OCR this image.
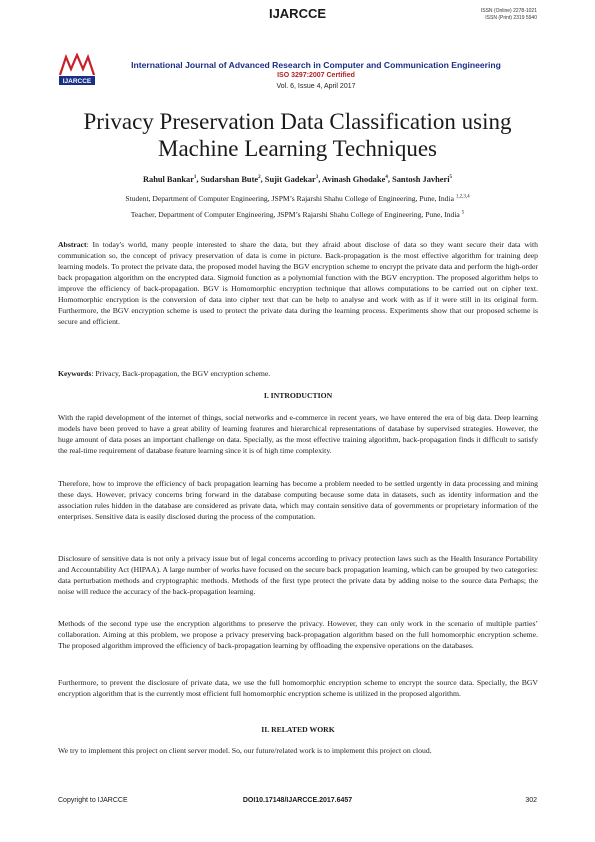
IJARCCE	ISSN (Online) 2278-1021
ISSN (Print) 2319 5940
IJARCCE
International Journal of Advanced Research in Computer and Communication Engineering
ISO 3297:2007 Certified
Vol. 6, Issue 4, April 2017
Privacy Preservation Data Classification using
Machine Learning Techniques
Rahul Bankar$^1$, Sudarshan Bute$^2$, Sujit Gadekar$^3$, Avinash Ghodake$^4$, Santosh Javheri$^5$
Student, Department of Computer Engineering, JSPM’s Rajarshi Shahu College of Engineering, Pune, India $^{1,2,3,4}$
Teacher, Department of Computer Engineering, JSPM’s Rajarshi Shahu College of Engineering, Pune, India $^5$
Abstract: In today's world, many people interested to share the data, but they afraid about disclose of data so they want secure their data with communication so, the concept of privacy preservation of data is come in picture. Back-propagation is the most effective algorithm for training deep learning models. To protect the private data, the proposed model having the BGV encryption scheme to encrypt the private data and perform the high-order back propagation algorithm on the encrypted data. Sigmoid function as a polynomial function with the BGV encryption. The proposed algorithm helps to improve the efficiency of back-propagation. BGV is Homomorphic encryption technique that allows computations to be carried out on cipher text. Homomorphic encryption is the conversion of data into cipher text that can be help to analyse and work with as if it were still in its original form. Furthermore, the BGV encryption scheme is used to protect the private data during the learning process. Experiments show that our proposed scheme is secure and efficient.
Keywords: Privacy, Back-propagation, the BGV encryption scheme.
I. INTRODUCTION
With the rapid development of the internet of things, social networks and e-commerce in recent years, we have entered the era of big data. Deep learning models have been proved to have a great ability of learning features and hierarchical representations of database by supervised strategies. However, the huge amount of data poses an important challenge on data. Specially, as the most effective training algorithm, back-propagation finds it difficult to satisfy the real-time requirement of database feature learning since it is of high time complexity.
Therefore, how to improve the efficiency of back propagation learning has become a problem needed to be settled urgently in data processing and mining these days. However, privacy concerns bring forward in the database computing because some data in datasets, such as identity information and the association rules hidden in the database are considered as private data, which may contain sensitive data of governments or proprietary information of the enterprises. Sensitive data is easily disclosed during the process of the computation.
Disclosure of sensitive data is not only a privacy issue but of legal concerns according to privacy protection laws such as the Health Insurance Portability and Accountability Act (HIPAA). A large number of works have focused on the secure back propagation learning, which can be grouped by two categories: data perturbation methods and cryptographic methods. Methods of the first type protect the private data by adding noise to the source data Perhaps; the noise will reduce the accuracy of the back-propagation learning.
Methods of the second type use the encryption algorithms to preserve the privacy. However, they can only work in the scenario of multiple parties’ collaboration. Aiming at this problem, we propose a privacy preserving back-propagation algorithm based on the full homomorphic encryption scheme. The proposed algorithm improved the efficiency of back-propagation learning by offloading the expensive operations on the databases.
Furthermore, to prevent the disclosure of private data, we use the full homomorphic encryption scheme to encrypt the source data. Specially, the BGV encryption algorithm that is the currently most efficient full homomorphic encryption scheme is utilized in the proposed algorithm.
II. RELATED WORK
We try to implement this project on client server model. So, our future/related work is to implement this project on cloud.
Copyright to IJARCCE	DOI10.17148/IJARCCE.2017.6457	302
